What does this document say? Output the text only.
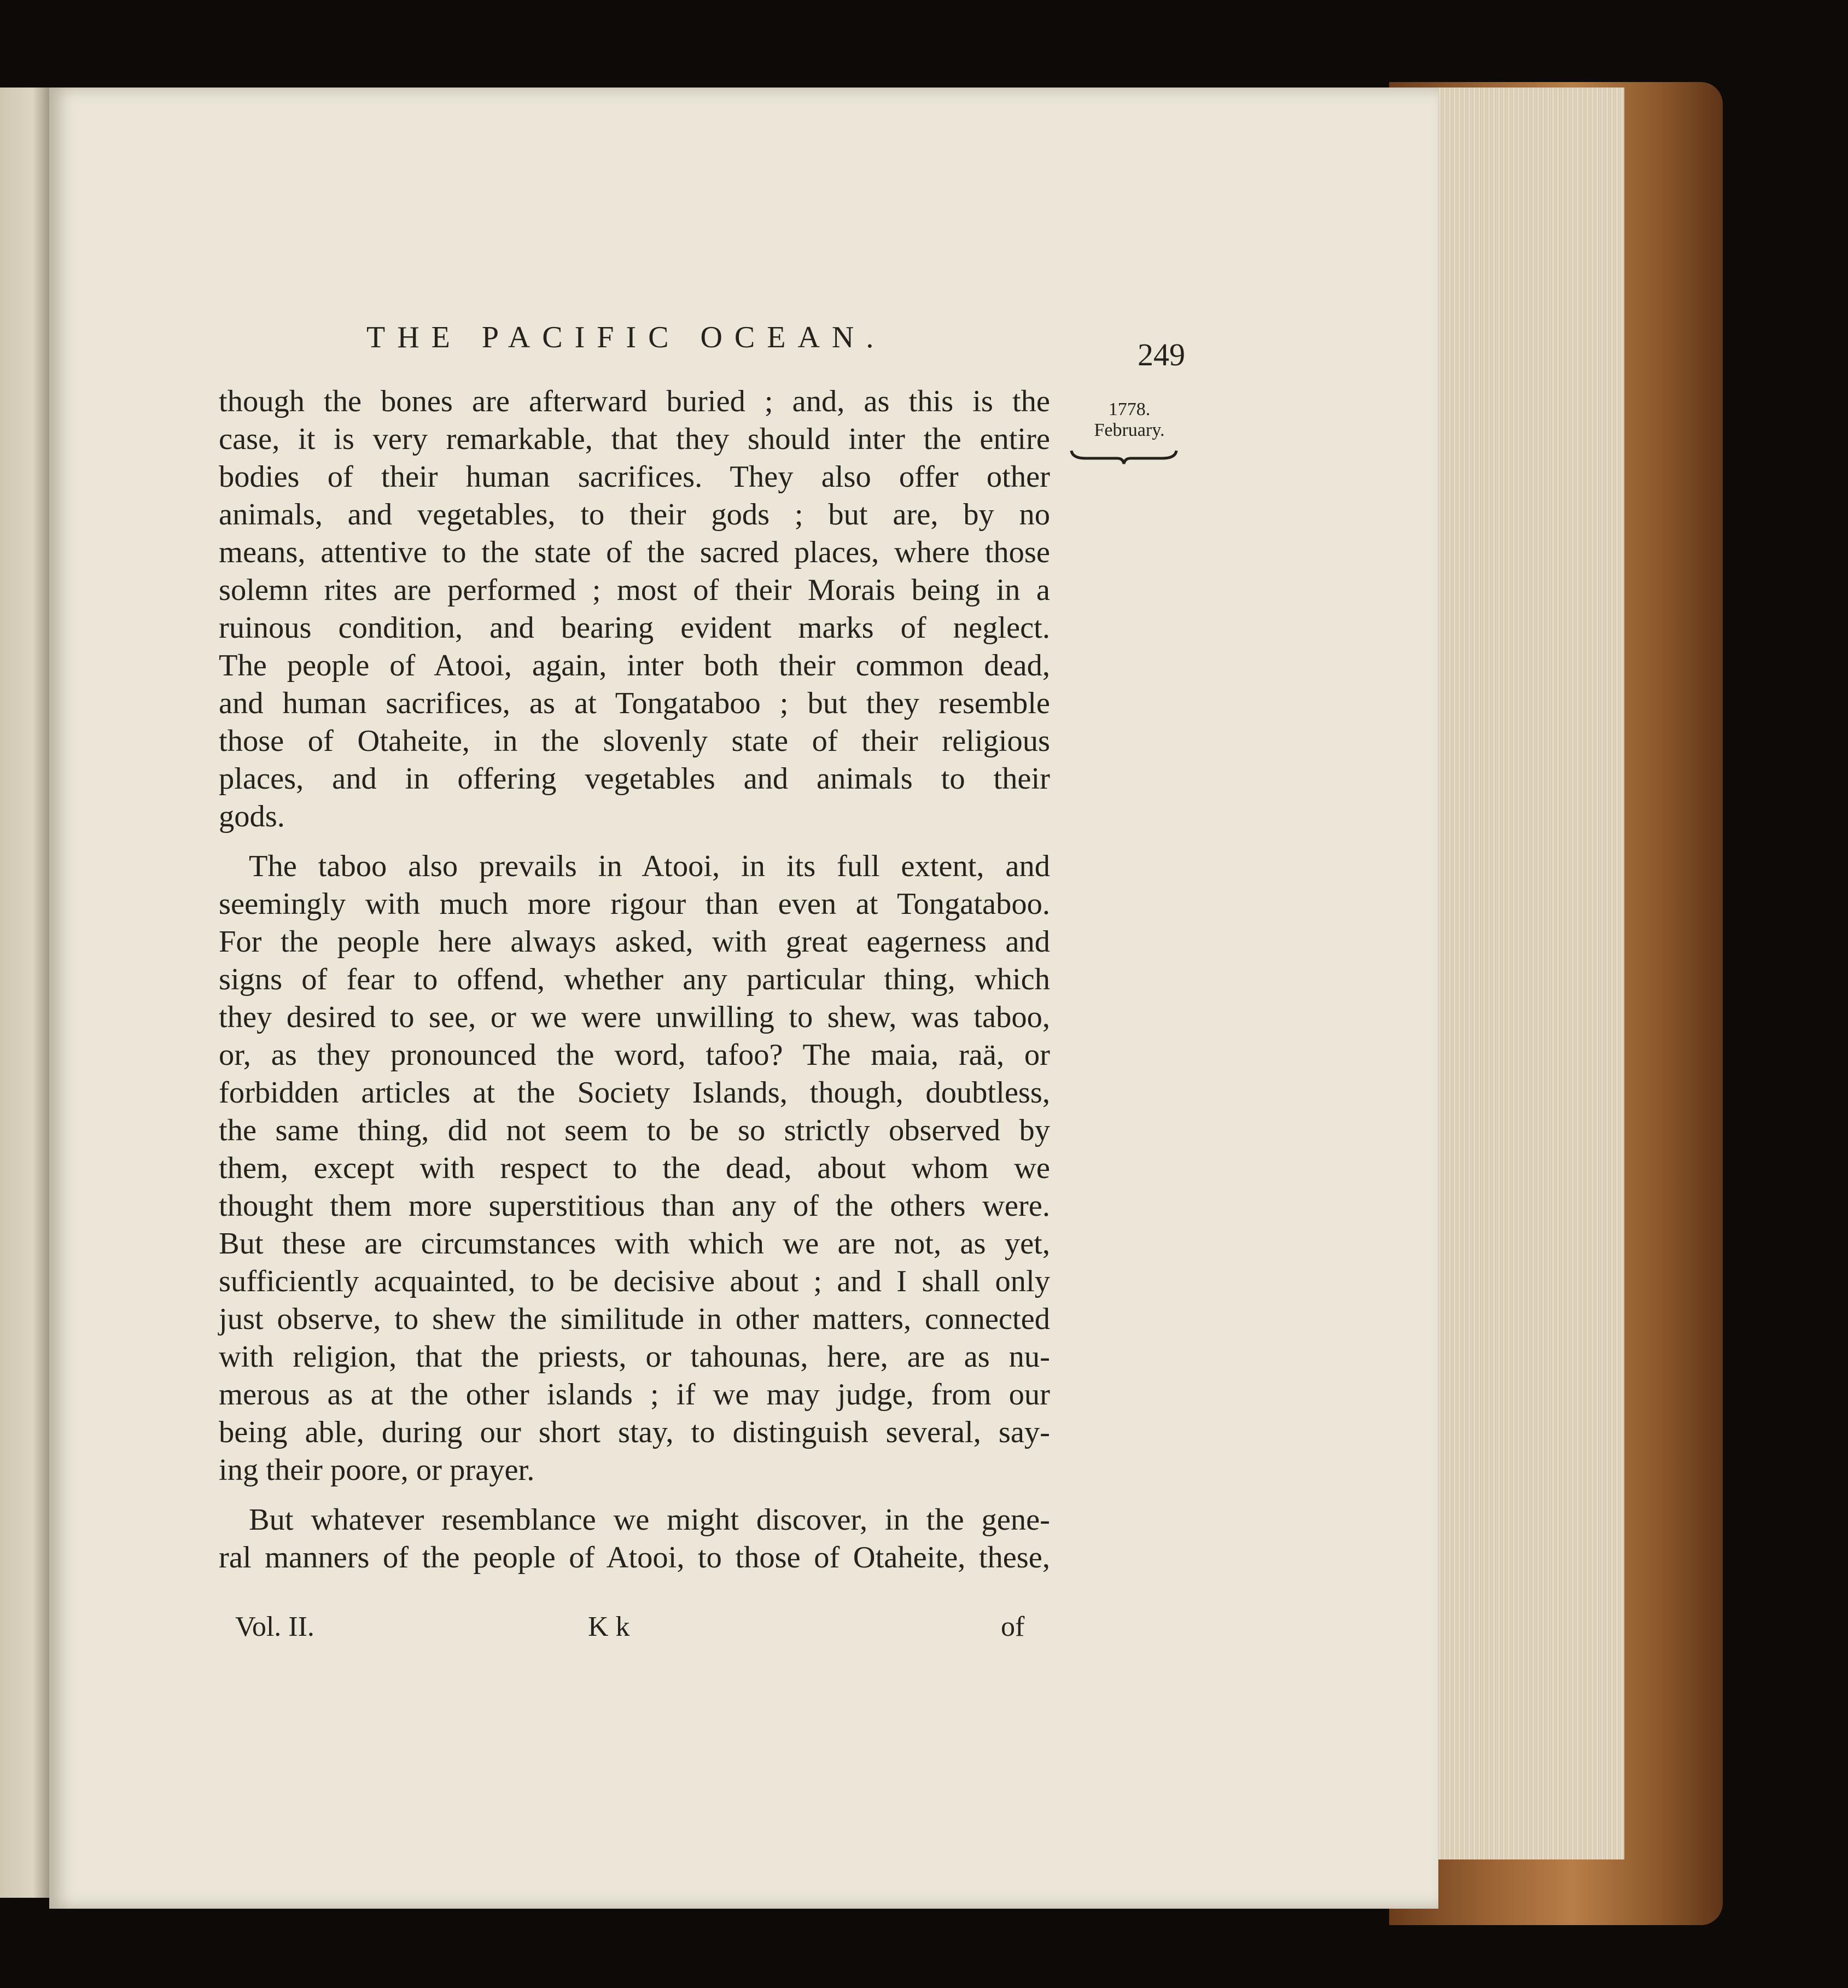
THE PACIFIC OCEAN.	249
1778.
February.

though the bones are afterward buried ; and, as this is the
case, it is very remarkable, that they should inter the entire
bodies of their human sacrifices. They also offer other
animals, and vegetables, to their gods ; but are, by no
means, attentive to the state of the sacred places, where those
solemn rites are performed ; most of their Morais being in a
ruinous condition, and bearing evident marks of neglect.
The people of Atooi, again, inter both their common dead,
and human sacrifices, as at Tongataboo ; but they resemble
those of Otaheite, in the slovenly state of their religious
places, and in offering vegetables and animals to their
gods.

The taboo also prevails in Atooi, in its full extent, and
seemingly with much more rigour than even at Tongataboo.
For the people here always asked, with great eagerness and
signs of fear to offend, whether any particular thing, which
they desired to see, or we were unwilling to shew, was taboo,
or, as they pronounced the word, tafoo? The maia, raä, or
forbidden articles at the Society Islands, though, doubtless,
the same thing, did not seem to be so strictly observed by
them, except with respect to the dead, about whom we
thought them more superstitious than any of the others were.
But these are circumstances with which we are not, as yet,
sufficiently acquainted, to be decisive about ; and I shall only
just observe, to shew the similitude in other matters, connected
with religion, that the priests, or tahounas, here, are as nu-
merous as at the other islands ; if we may judge, from our
being able, during our short stay, to distinguish several, say-
ing their poore, or prayer.

But whatever resemblance we might discover, in the gene-
ral manners of the people of Atooi, to those of Otaheite, these,

Vol. II.	K k	of
